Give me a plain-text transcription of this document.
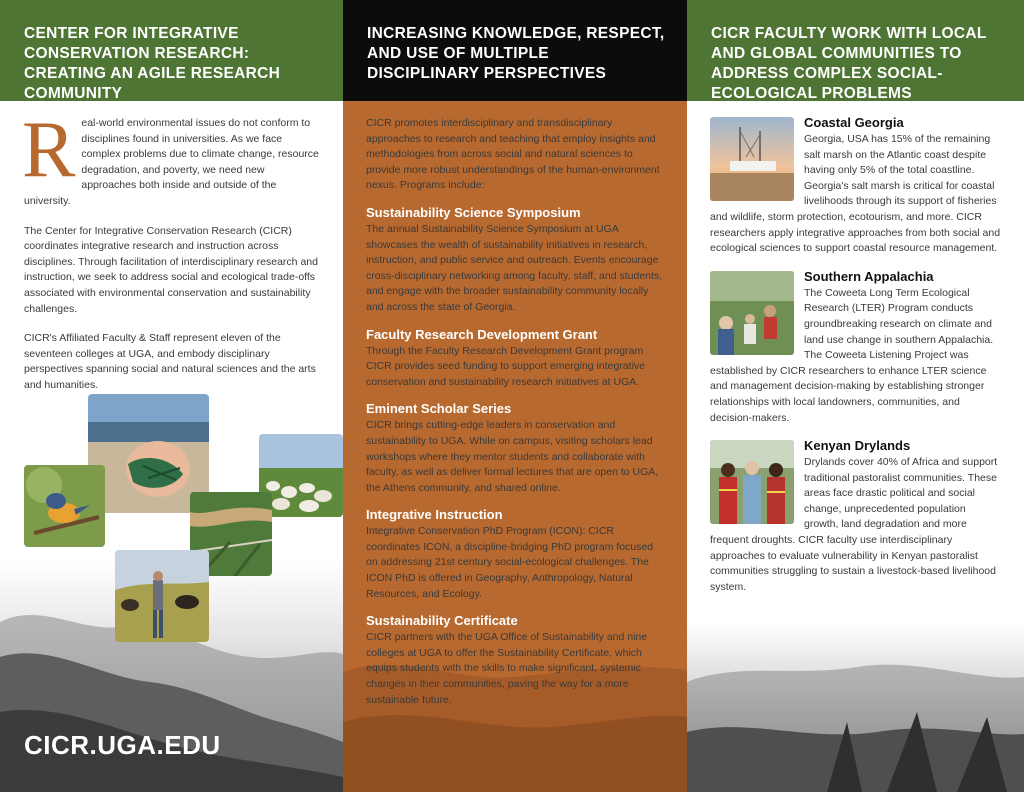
CENTER FOR INTEGRATIVE CONSERVATION RESEARCH: CREATING AN AGILE RESEARCH COMMUNITY

Real-world environmental issues do not conform to disciplines found in universities. As we face complex problems due to climate change, resource degradation, and poverty, we need new approaches both inside and outside of the university.

The Center for Integrative Conservation Research (CICR) coordinates integrative research and instruction across disciplines. Through facilitation of interdisciplinary research and instruction, we seek to address social and ecological trade-offs associated with environmental conservation and sustainability challenges.

CICR's Affiliated Faculty & Staff represent eleven of the seventeen colleges at UGA, and embody disciplinary perspectives spanning social and natural sciences and the arts and humanities.

CICR.UGA.EDU
INCREASING KNOWLEDGE, RESPECT, AND USE OF MULTIPLE DISCIPLINARY PERSPECTIVES

CICR promotes interdisciplinary and transdisciplinary approaches to research and teaching that employ insights and methodologies from across social and natural sciences to provide more robust understandings of the human-environment nexus. Programs include:

Sustainability Science Symposium

The annual Sustainability Science Symposium at UGA showcases the wealth of sustainability initiatives in research, instruction, and public service and outreach. Events encourage cross-disciplinary networking among faculty, staff, and students, and engage with the broader sustainability community locally and across the state of Georgia.

Faculty Research Development Grant

Through the Faculty Research Development Grant program CICR provides seed funding to support emerging integrative conservation and sustainability research initiatives at UGA.

Eminent Scholar Series

CICR brings cutting-edge leaders in conservation and sustainability to UGA. While on campus, visiting scholars lead workshops where they mentor students and collaborate with faculty, as well as deliver formal lectures that are open to UGA, the Athens community, and shared online.

Integrative Instruction

Integrative Conservation PhD Program (ICON): CICR coordinates ICON, a discipline-bridging PhD program focused on addressing 21st century social-ecological challenges. The ICON PhD is offered in Geography, Anthropology, Natural Resources, and Ecology.

Sustainability Certificate

CICR partners with the UGA Office of Sustainability and nine colleges at UGA to offer the Sustainability Certificate, which equips students with the skills to make significant, systemic changes in their communities, paving the way for a more sustainable future.

CICR FACULTY WORK WITH LOCAL AND GLOBAL COMMUNITIES TO ADDRESS COMPLEX SOCIAL-ECOLOGICAL PROBLEMS
Coastal Georgia

Georgia, USA has 15% of the remaining salt marsh on the Atlantic coast despite having only 5% of the total coastline. Georgia's salt marsh is critical for coastal livelihoods through its support of fisheries and wildlife, storm protection, ecotourism, and more. CICR researchers apply integrative approaches from both social and ecological sciences to support coastal resource management.

Southern Appalachia

The Coweeta Long Term Ecological Research (LTER) Program conducts groundbreaking research on climate and land use change in southern Appalachia. The Coweeta Listening Project was established by CICR researchers to enhance LTER science and management decision-making by establishing stronger relationships with local landowners, communities, and decision-makers.

Kenyan Drylands

Drylands cover 40% of Africa and support traditional pastoralist communities. These areas face drastic political and social change, unprecedented population growth, land degradation and more frequent droughts. CICR faculty use interdisciplinary approaches to evaluate vulnerability in Kenyan pastoralist communities struggling to sustain a livestock-based livelihood system.
